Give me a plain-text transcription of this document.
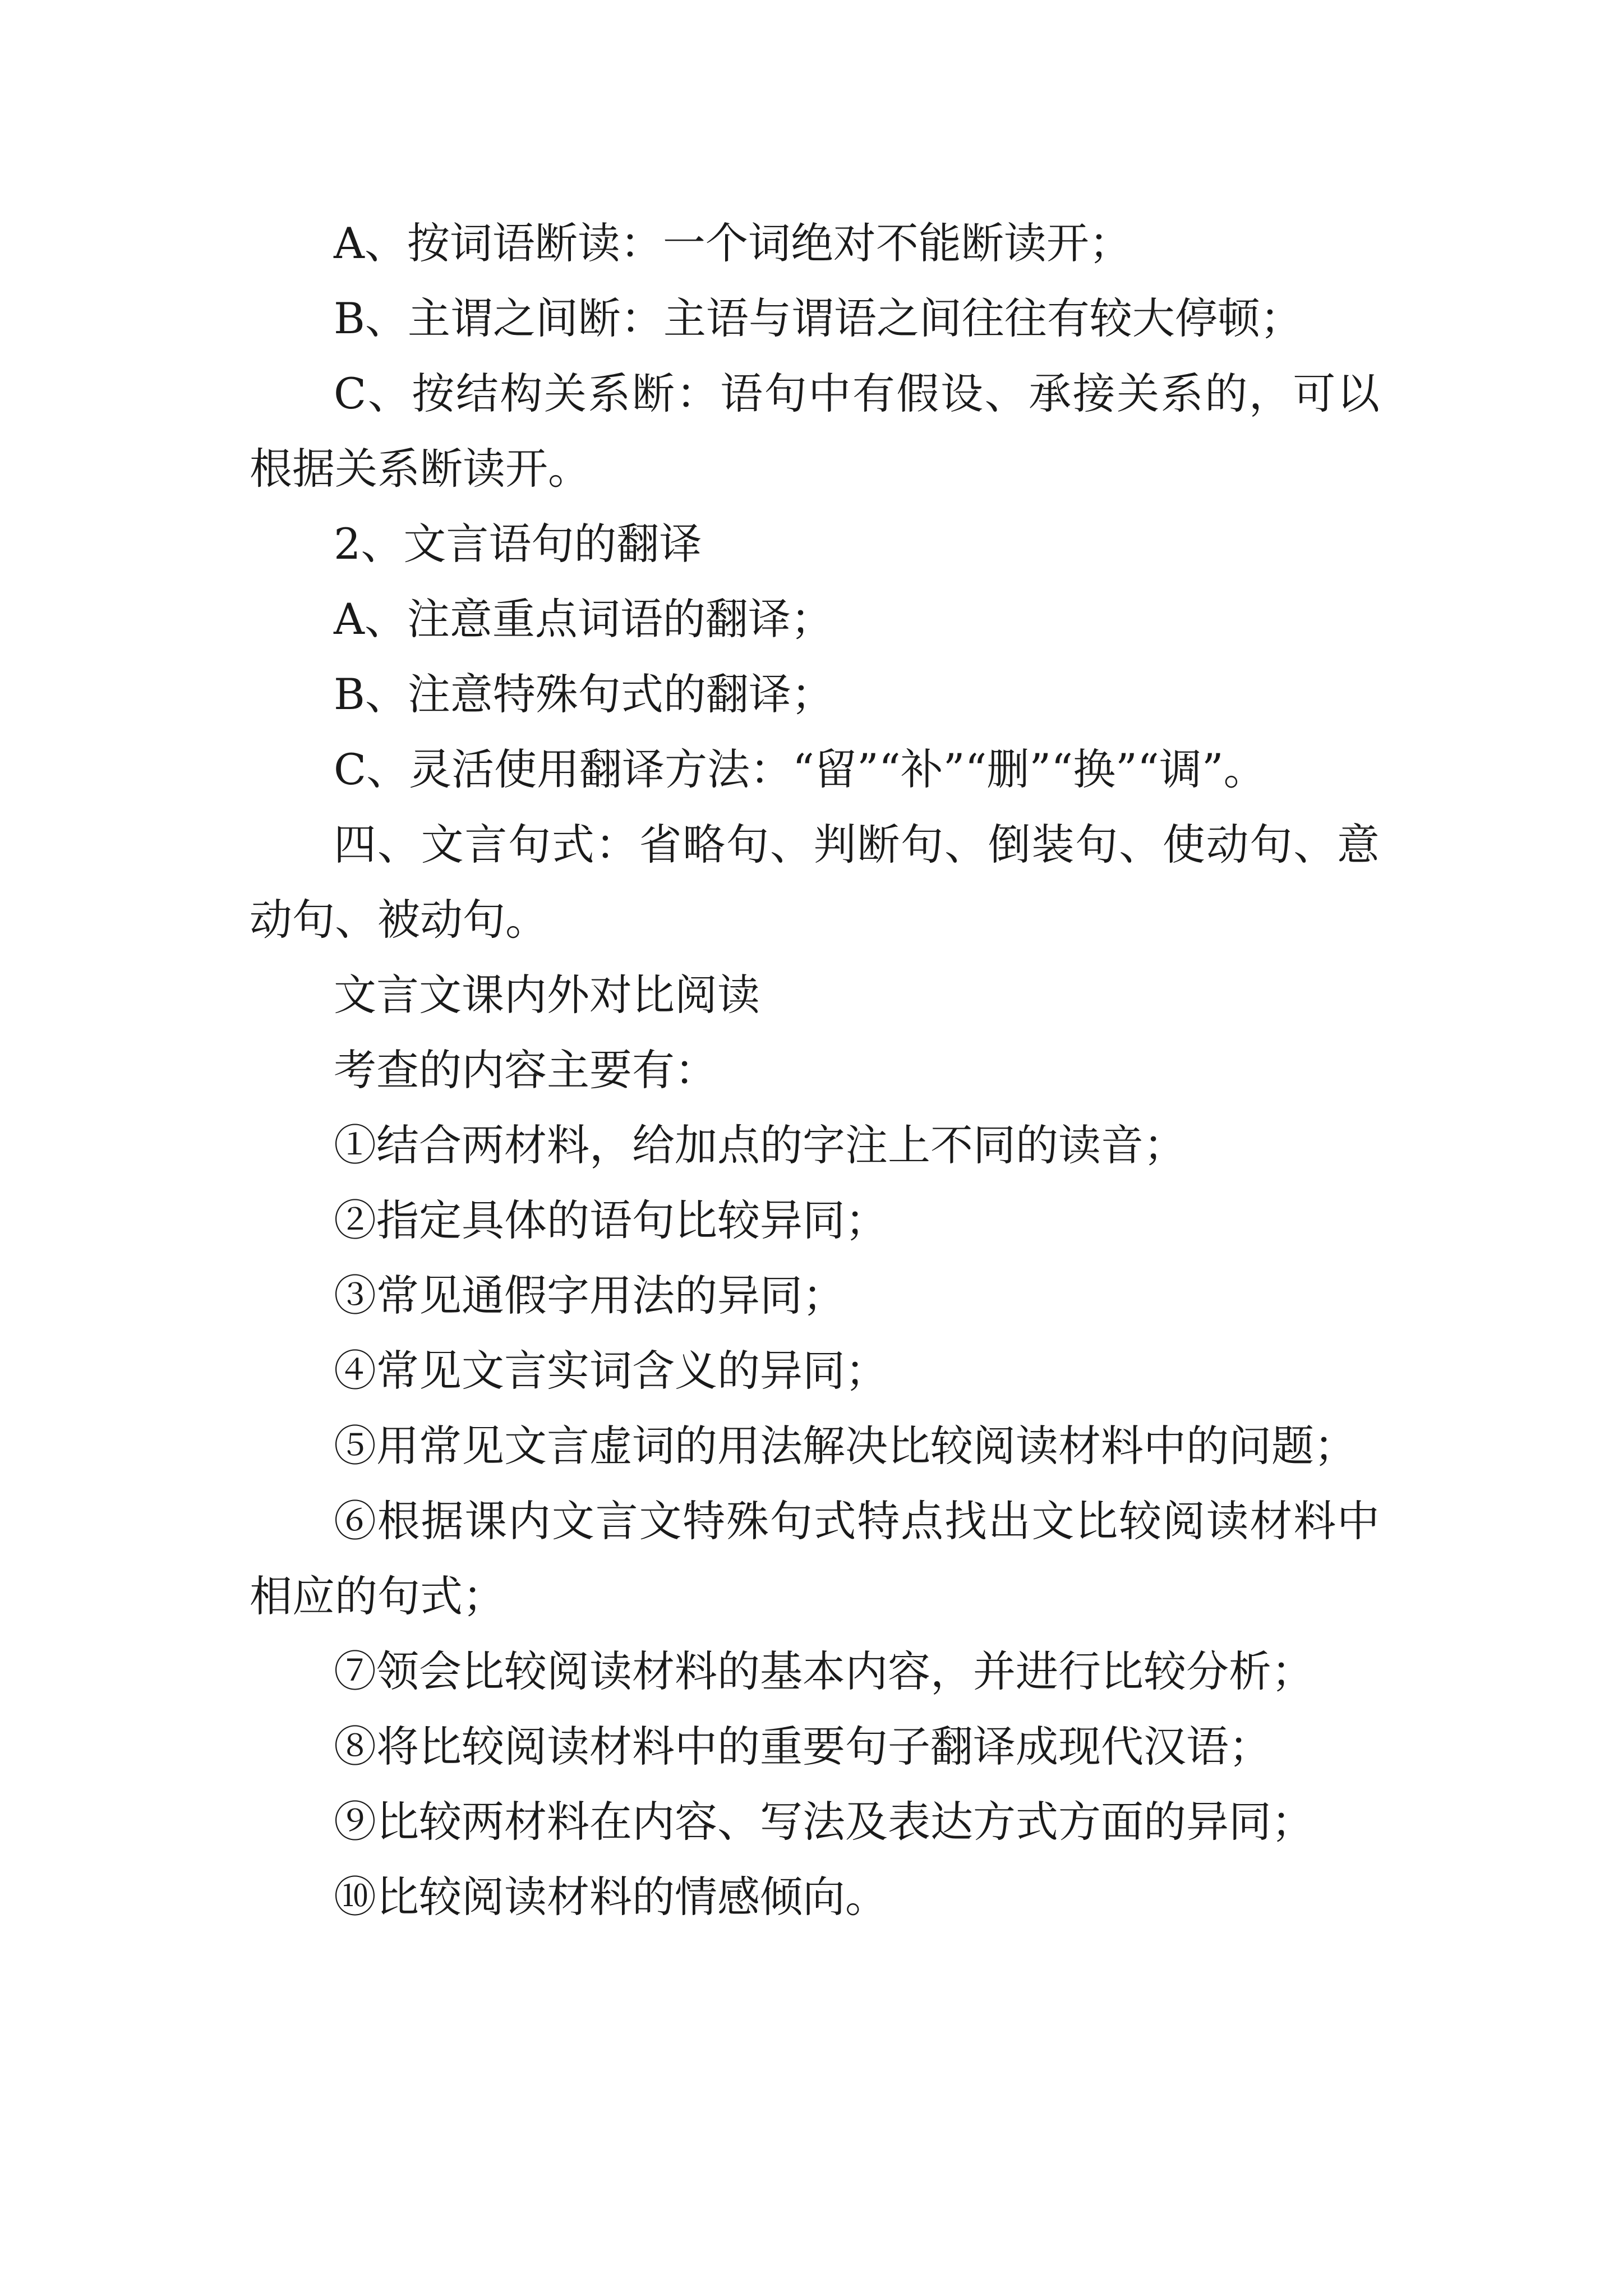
A、按词语断读：一个词绝对不能断读开；

B、主谓之间断：主语与谓语之间往往有较大停顿；

C、按结构关系断：语句中有假设、承接关系的，可以根据关系断读开。

2、文言语句的翻译

A、注意重点词语的翻译；

B、注意特殊句式的翻译；

C、灵活使用翻译方法：“留”“补”“删”“换”“调”。

四、文言句式：省略句、判断句、倒装句、使动句、意动句、被动句。

文言文课内外对比阅读

考查的内容主要有：

①结合两材料，给加点的字注上不同的读音；

②指定具体的语句比较异同；

③常见通假字用法的异同；

④常见文言实词含义的异同；

⑤用常见文言虚词的用法解决比较阅读材料中的问题；

⑥根据课内文言文特殊句式特点找出文比较阅读材料中相应的句式；

⑦领会比较阅读材料的基本内容，并进行比较分析；

⑧将比较阅读材料中的重要句子翻译成现代汉语；

⑨比较两材料在内容、写法及表达方式方面的异同；

⑩比较阅读材料的情感倾向。
